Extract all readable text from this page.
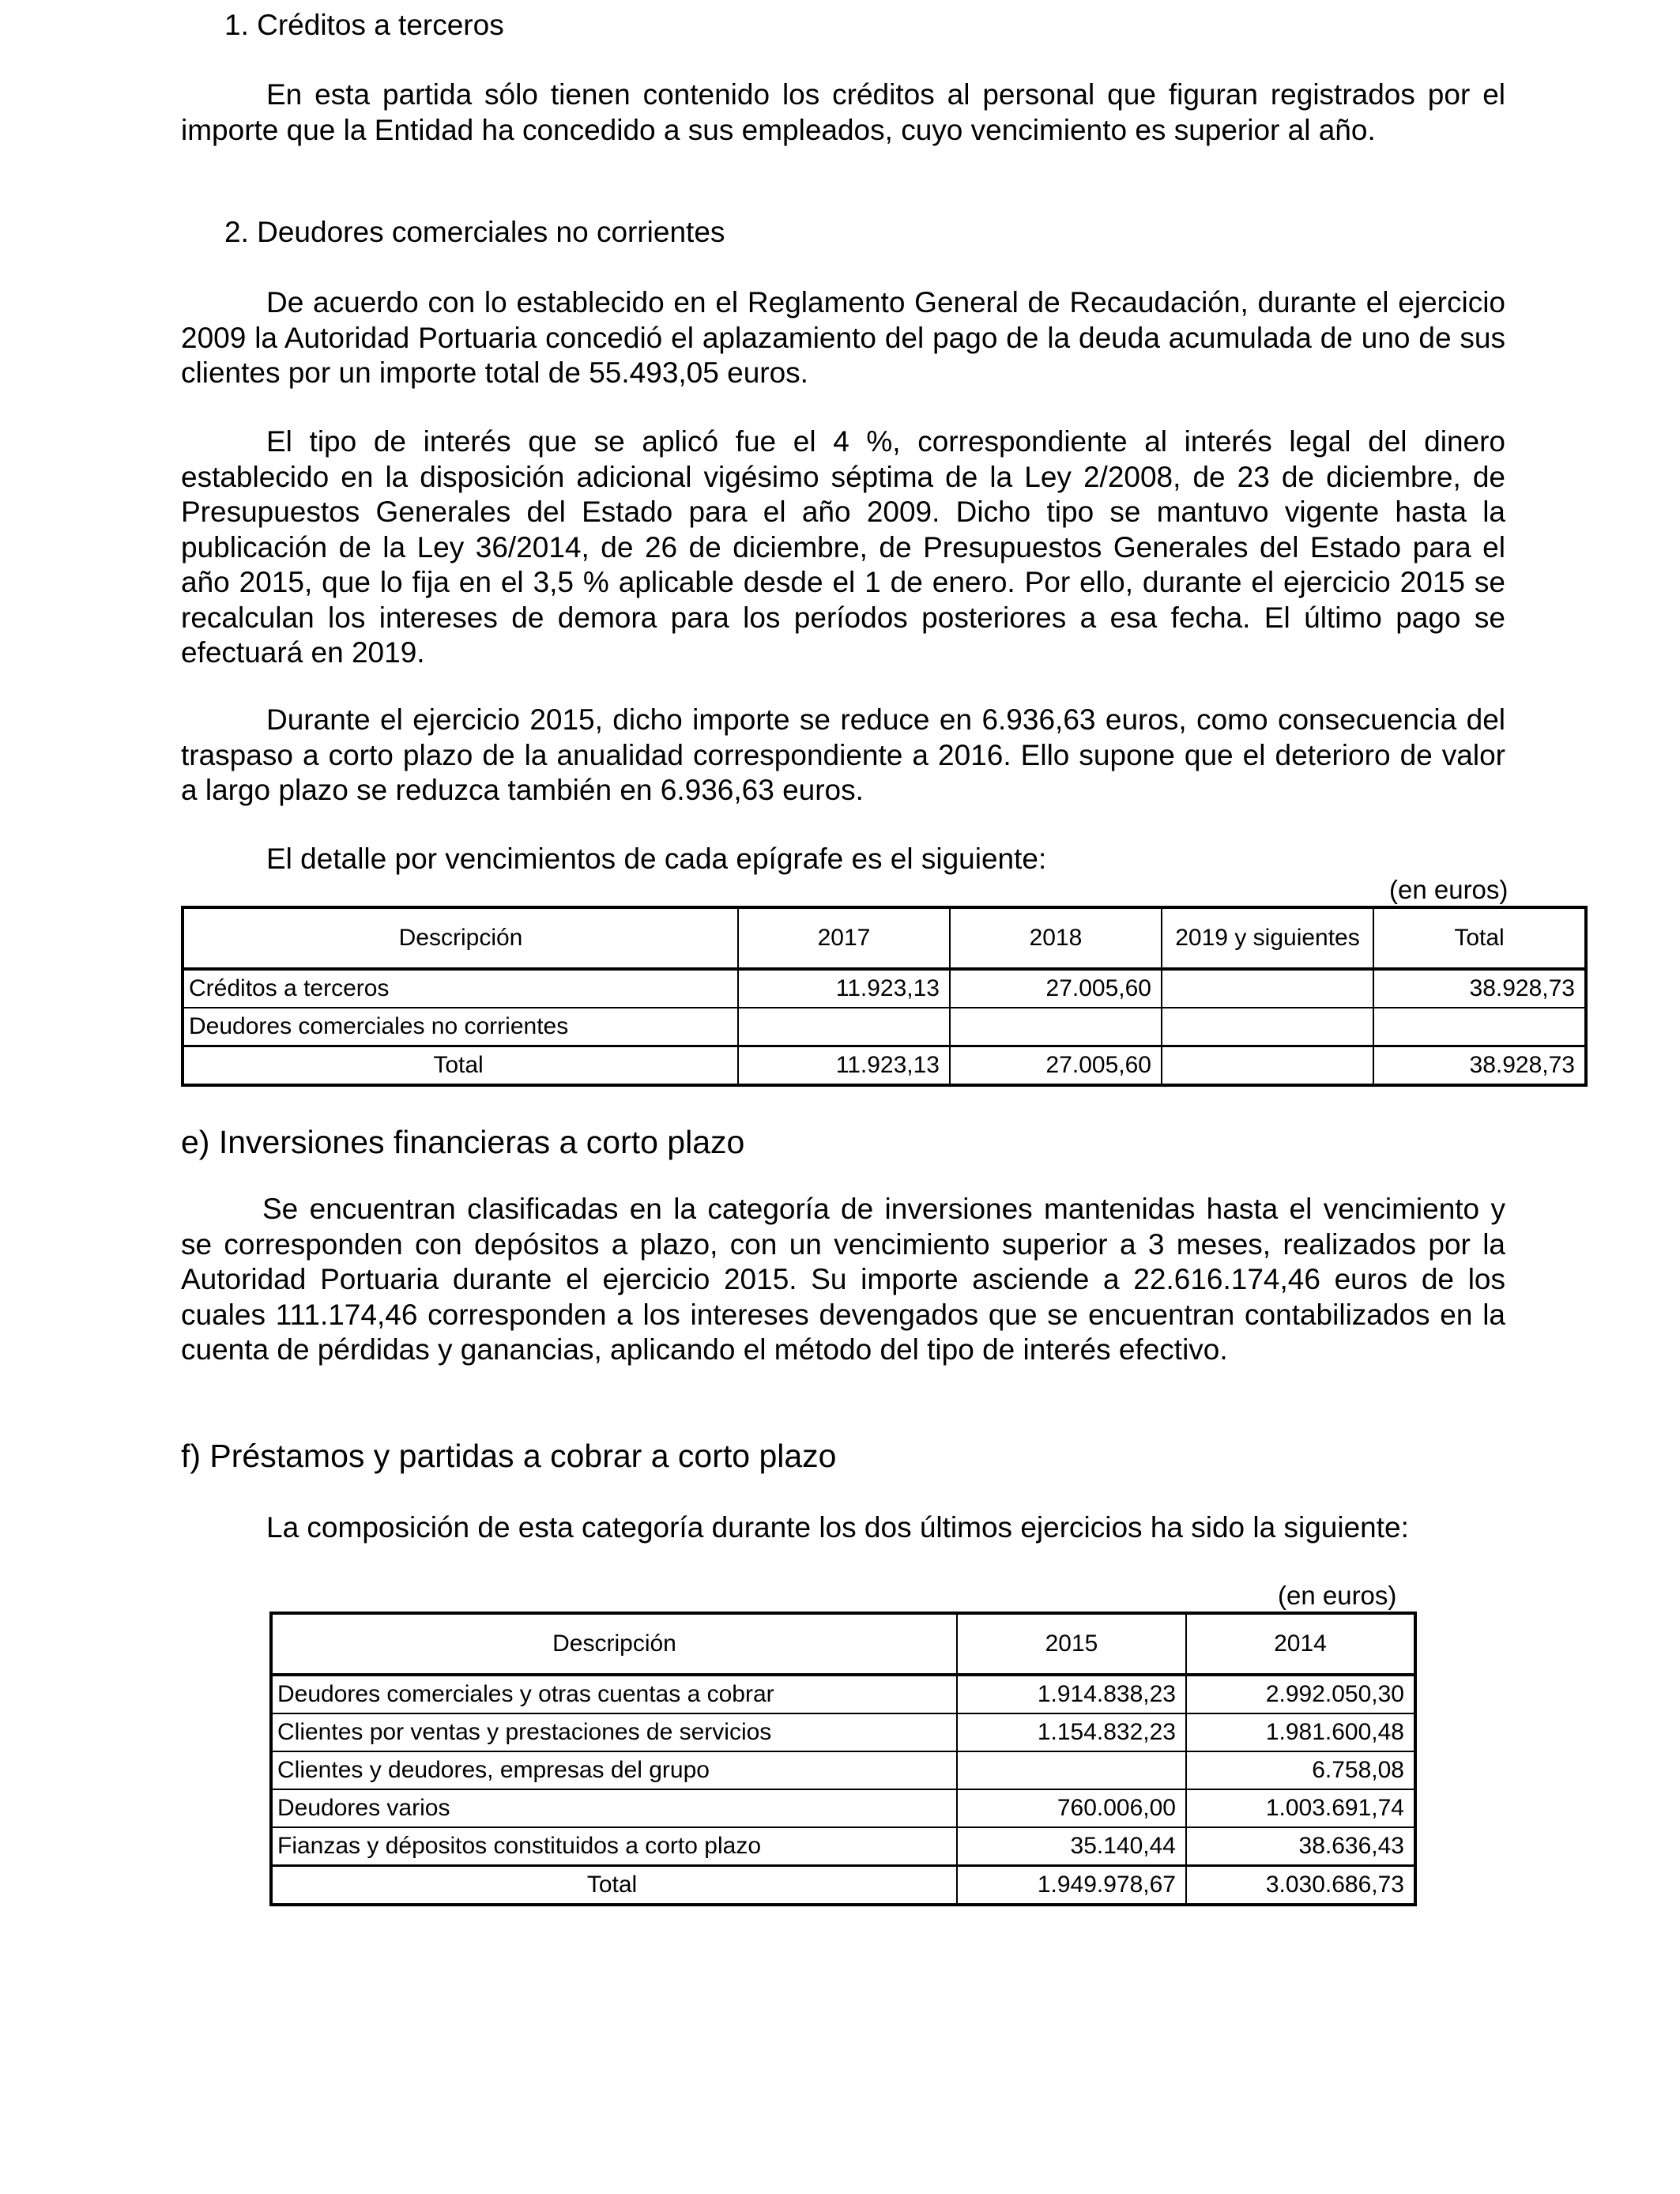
1. Créditos a terceros
En esta partida sólo tienen contenido los créditos al personal que figuran registrados por el importe que la Entidad ha concedido a sus empleados, cuyo vencimiento es superior al año.
2. Deudores comerciales no corrientes
De acuerdo con lo establecido en el Reglamento General de Recaudación, durante el ejercicio 2009 la Autoridad Portuaria concedió el aplazamiento del pago de la deuda acumulada de uno de sus clientes por un importe total de 55.493,05 euros.
El tipo de interés que se aplicó fue el 4 %, correspondiente al interés legal del dinero establecido en la disposición adicional vigésimo séptima de la Ley 2/2008, de 23 de diciembre, de Presupuestos Generales del Estado para el año 2009. Dicho tipo se mantuvo vigente hasta la publicación de la Ley 36/2014, de 26 de diciembre, de Presupuestos Generales del Estado para el año 2015, que lo fija en el 3,5 % aplicable desde el 1 de enero. Por ello, durante el ejercicio 2015 se recalculan los intereses de demora para los períodos posteriores a esa fecha. El último pago se efectuará en 2019.
Durante el ejercicio 2015, dicho importe se reduce en 6.936,63 euros, como consecuencia del traspaso a corto plazo de la anualidad correspondiente a 2016. Ello supone que el deterioro de valor a largo plazo se reduzca también en 6.936,63 euros.
El detalle por vencimientos de cada epígrafe es el siguiente:
(en euros)
Descripción	2017	2018	2019 y siguientes	Total
Créditos a terceros	11.923,13	27.005,60		38.928,73
Deudores comerciales no corrientes				
Total	11.923,13	27.005,60		38.928,73
e) Inversiones financieras a corto plazo
Se encuentran clasificadas en la categoría de inversiones mantenidas hasta el vencimiento y se corresponden con depósitos a plazo, con un vencimiento superior a 3 meses, realizados por la Autoridad Portuaria durante el ejercicio 2015. Su importe asciende a 22.616.174,46 euros de los cuales 111.174,46 corresponden a los intereses devengados que se encuentran contabilizados en la cuenta de pérdidas y ganancias, aplicando el método del tipo de interés efectivo.
f) Préstamos y partidas a cobrar a corto plazo
La composición de esta categoría durante los dos últimos ejercicios ha sido la siguiente:
(en euros)
Descripción	2015	2014
Deudores comerciales y otras cuentas a cobrar	1.914.838,23	2.992.050,30
Clientes por ventas y prestaciones de servicios	1.154.832,23	1.981.600,48
Clientes y deudores, empresas del grupo		6.758,08
Deudores varios	760.006,00	1.003.691,74
Fianzas y dépositos constituidos a corto plazo	35.140,44	38.636,43
Total	1.949.978,67	3.030.686,73
